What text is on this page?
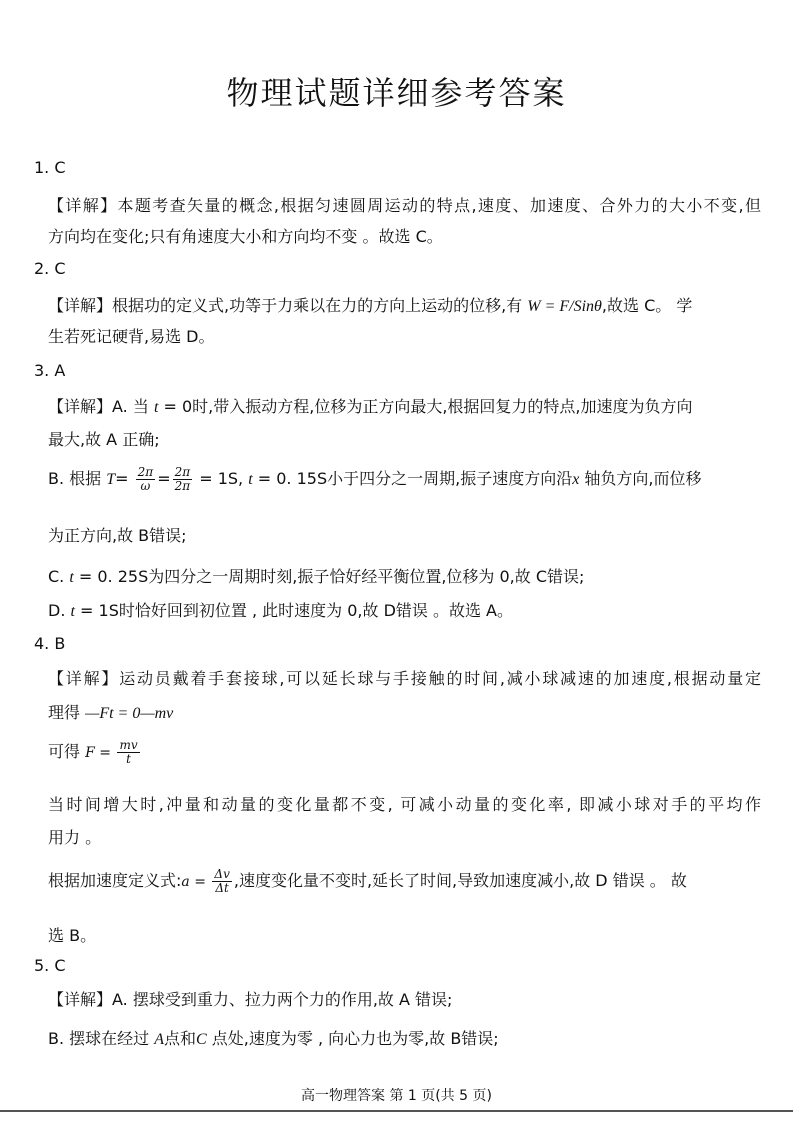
物理试题详细参考答案
1. C
【详解】本题考查矢量的概念,根据匀速圆周运动的特点,速度、加速度、合外力的大小不变,但
方向均在变化;只有角速度大小和方向均不变 。故选 C。
2. C
【详解】根据功的定义式,功等于力乘以在力的方向上运动的位移,有 W = F/Sinθ,故选 C。 学
生若死记硬背,易选 D。
3. A
【详解】A. 当 t = 0时,带入振动方程,位移为正方向最大,根据回复力的特点,加速度为负方向
最大,故 A 正确;
B. 根据 $T= \frac{2\pi}{\omega} = \frac{2\pi}{2\pi} = 1S$, t = 0. 15S小于四分之一周期,振子速度方向沿x 轴负方向,而位移
为正方向,故 B错误;
C. t = 0. 25S为四分之一周期时刻,振子恰好经平衡位置,位移为 0,故 C错误;
D. t = 1S时恰好回到初位置 , 此时速度为 0,故 D错误 。故选 A。
4. B
【详解】运动员戴着手套接球,可以延长球与手接触的时间,减小球减速的加速度,根据动量定
理得 —Ft = 0—mv
可得 $F = \frac{mv}{t}$
当时间增大时,冲量和动量的变化量都不变, 可减小动量的变化率, 即减小球对手的平均作
用力 。
根据加速度定义式:a = $\frac{\Delta v}{\Delta t}$ ,速度变化量不变时,延长了时间,导致加速度减小,故 D 错误 。 故
选 B。
5. C
【详解】A. 摆球受到重力、拉力两个力的作用,故 A 错误;
B. 摆球在经过 A点和C 点处,速度为零 , 向心力也为零,故 B错误;
高一物理答案 第 1 页(共 5 页)
